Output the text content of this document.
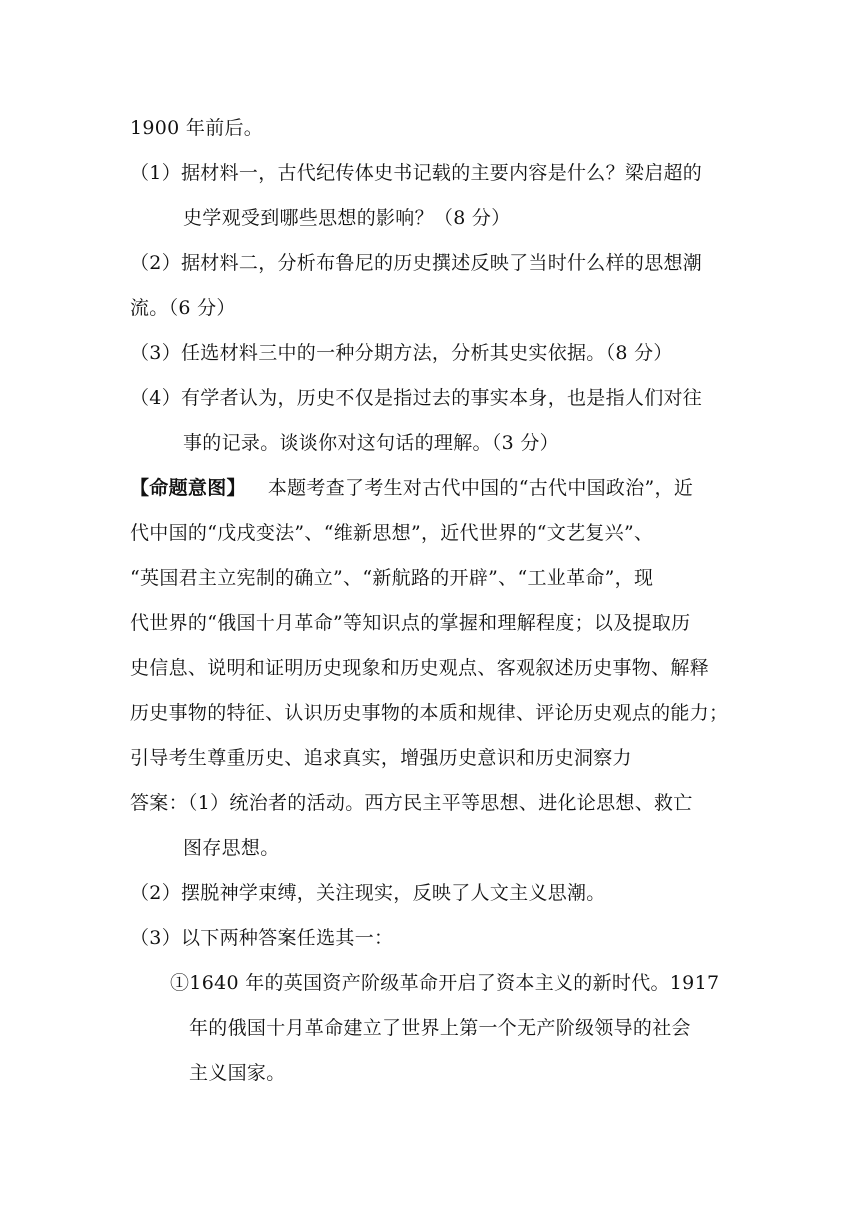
1900 年前后。
（1）据材料一，古代纪传体史书记载的主要内容是什么？梁启超的
史学观受到哪些思想的影响？（8 分）
（2）据材料二，分析布鲁尼的历史撰述反映了当时什么样的思想潮
流。（6 分）
（3）任选材料三中的一种分期方法，分析其史实依据。（8 分）
（4）有学者认为，历史不仅是指过去的事实本身，也是指人们对往
事的记录。谈谈你对这句话的理解。（3 分）
【命题意图】 本题考查了考生对古代中国的“古代中国政治”，近
代中国的“戊戌变法”、“维新思想”，近代世界的“文艺复兴”、
“英国君主立宪制的确立”、“新航路的开辟”、“工业革命”，现
代世界的“俄国十月革命”等知识点的掌握和理解程度；以及提取历
史信息、说明和证明历史现象和历史观点、客观叙述历史事物、解释
历史事物的特征、认识历史事物的本质和规律、评论历史观点的能力；
引导考生尊重历史、追求真实，增强历史意识和历史洞察力
答案：（1）统治者的活动。西方民主平等思想、进化论思想、救亡
图存思想。
（2）摆脱神学束缚，关注现实，反映了人文主义思潮。
（3）以下两种答案任选其一：
①1640 年的英国资产阶级革命开启了资本主义的新时代。1917
年的俄国十月革命建立了世界上第一个无产阶级领导的社会
主义国家。
